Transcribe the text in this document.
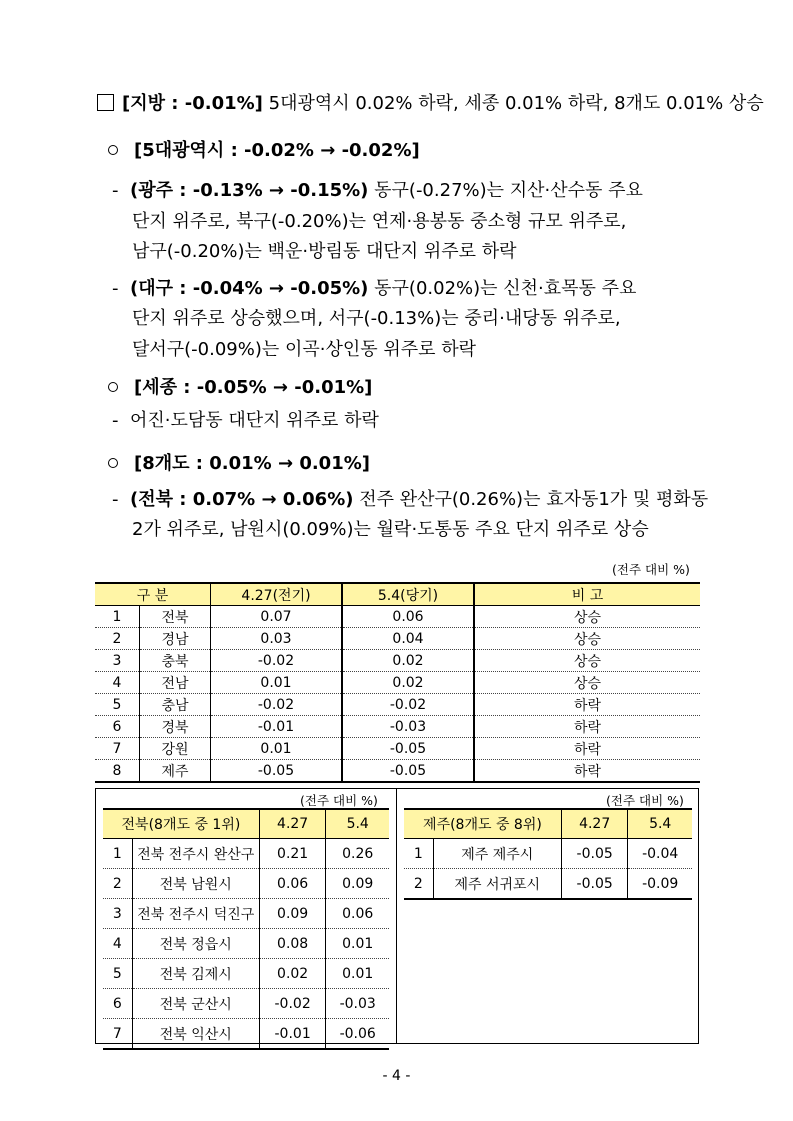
[지방 : -0.01%] 5대광역시 0.02% 하락, 세종 0.01% 하락, 8개도 0.01% 상승
[5대광역시 : -0.02% → -0.02%]
- (광주 : -0.13% → -0.15%) 동구(-0.27%)는 지산·산수동 주요
단지 위주로, 북구(-0.20%)는 연제·용봉동 중소형 규모 위주로,
남구(-0.20%)는 백운·방림동 대단지 위주로 하락
- (대구 : -0.04% → -0.05%) 동구(0.02%)는 신천·효목동 주요
단지 위주로 상승했으며, 서구(-0.13%)는 중리·내당동 위주로,
달서구(-0.09%)는 이곡·상인동 위주로 하락
[세종 : -0.05% → -0.01%]
- 어진·도담동 대단지 위주로 하락
[8개도 : 0.01% → 0.01%]
- (전북 : 0.07% → 0.06%) 전주 완산구(0.26%)는 효자동1가 및 평화동
2가 위주로, 남원시(0.09%)는 월락·도통동 주요 단지 위주로 상승
(전주 대비 %)
구 분		4.27(전기)	5.4(당기)	비 고
1	전북	0.07	0.06	상승
2	경남	0.03	0.04	상승
3	충북	-0.02	0.02	상승
4	전남	0.01	0.02	상승
5	충남	-0.02	-0.02	하락
6	경북	-0.01	-0.03	하락
7	강원	0.01	-0.05	하락
8	제주	-0.05	-0.05	하락
(전주 대비 %)	(전주 대비 %)
전북(8개도 중 1위)		4.27	5.4
1	전북 전주시 완산구	0.21	0.26
2	전북 남원시	0.06	0.09
3	전북 전주시 덕진구	0.09	0.06
4	전북 정읍시	0.08	0.01
5	전북 김제시	0.02	0.01
6	전북 군산시	-0.02	-0.03
7	전북 익산시	-0.01	-0.06
제주(8개도 중 8위)		4.27	5.4
1	제주 제주시	-0.05	-0.04
2	제주 서귀포시	-0.05	-0.09
- 4 -
